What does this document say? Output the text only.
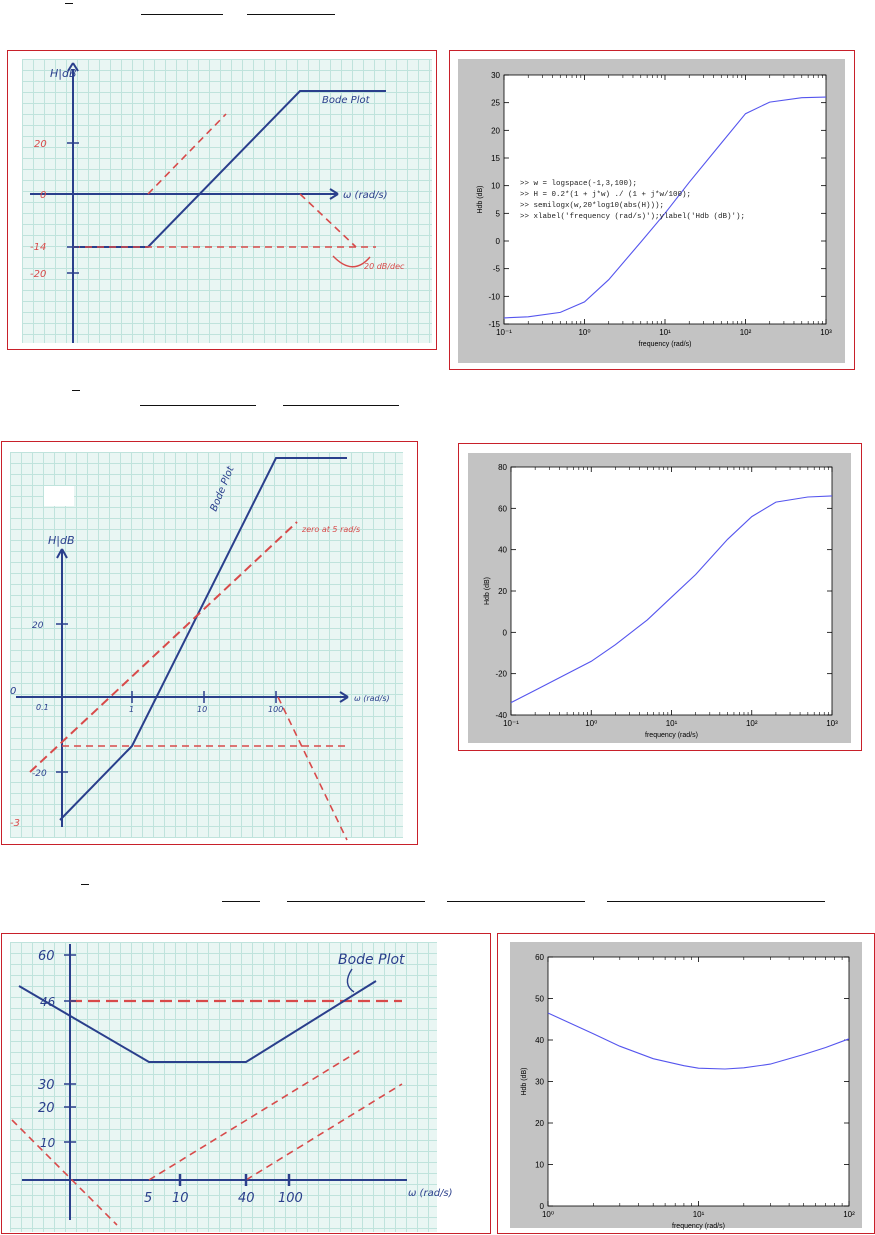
H|dB
20
0
-14
-20
ω (rad/s)
Bode Plot
20 dB/dec
10⁻¹	10⁰	10¹	10²	10³
-15
-10
-5
0
5
10
15
20
25
30
frequency (rad/s)
Hdb (dB)
>> w = logspace(-1,3,100);
>> H = 0.2*(1 + j*w) ./ (1 + j*w/100);
>> semilogx(w,20*log10(abs(H)));
>> xlabel('frequency (rad/s)');ylabel('Hdb (dB)');
H|dB
20
0
-20
-3
0.1	1	10	100
ω (rad/s)
Bode Plot
zero at 5 rad/s
10⁻¹	10⁰	10¹	10²	10³
-40
-20
0
20
40
60
80
frequency (rad/s)
Hdb (dB)
60
46
30
20
10
5 10	40 100	ω (rad/s)
Bode Plot
10⁰	10¹	10²
0
10
20
30
40
50
60
frequency (rad/s)
Hdb (dB)
